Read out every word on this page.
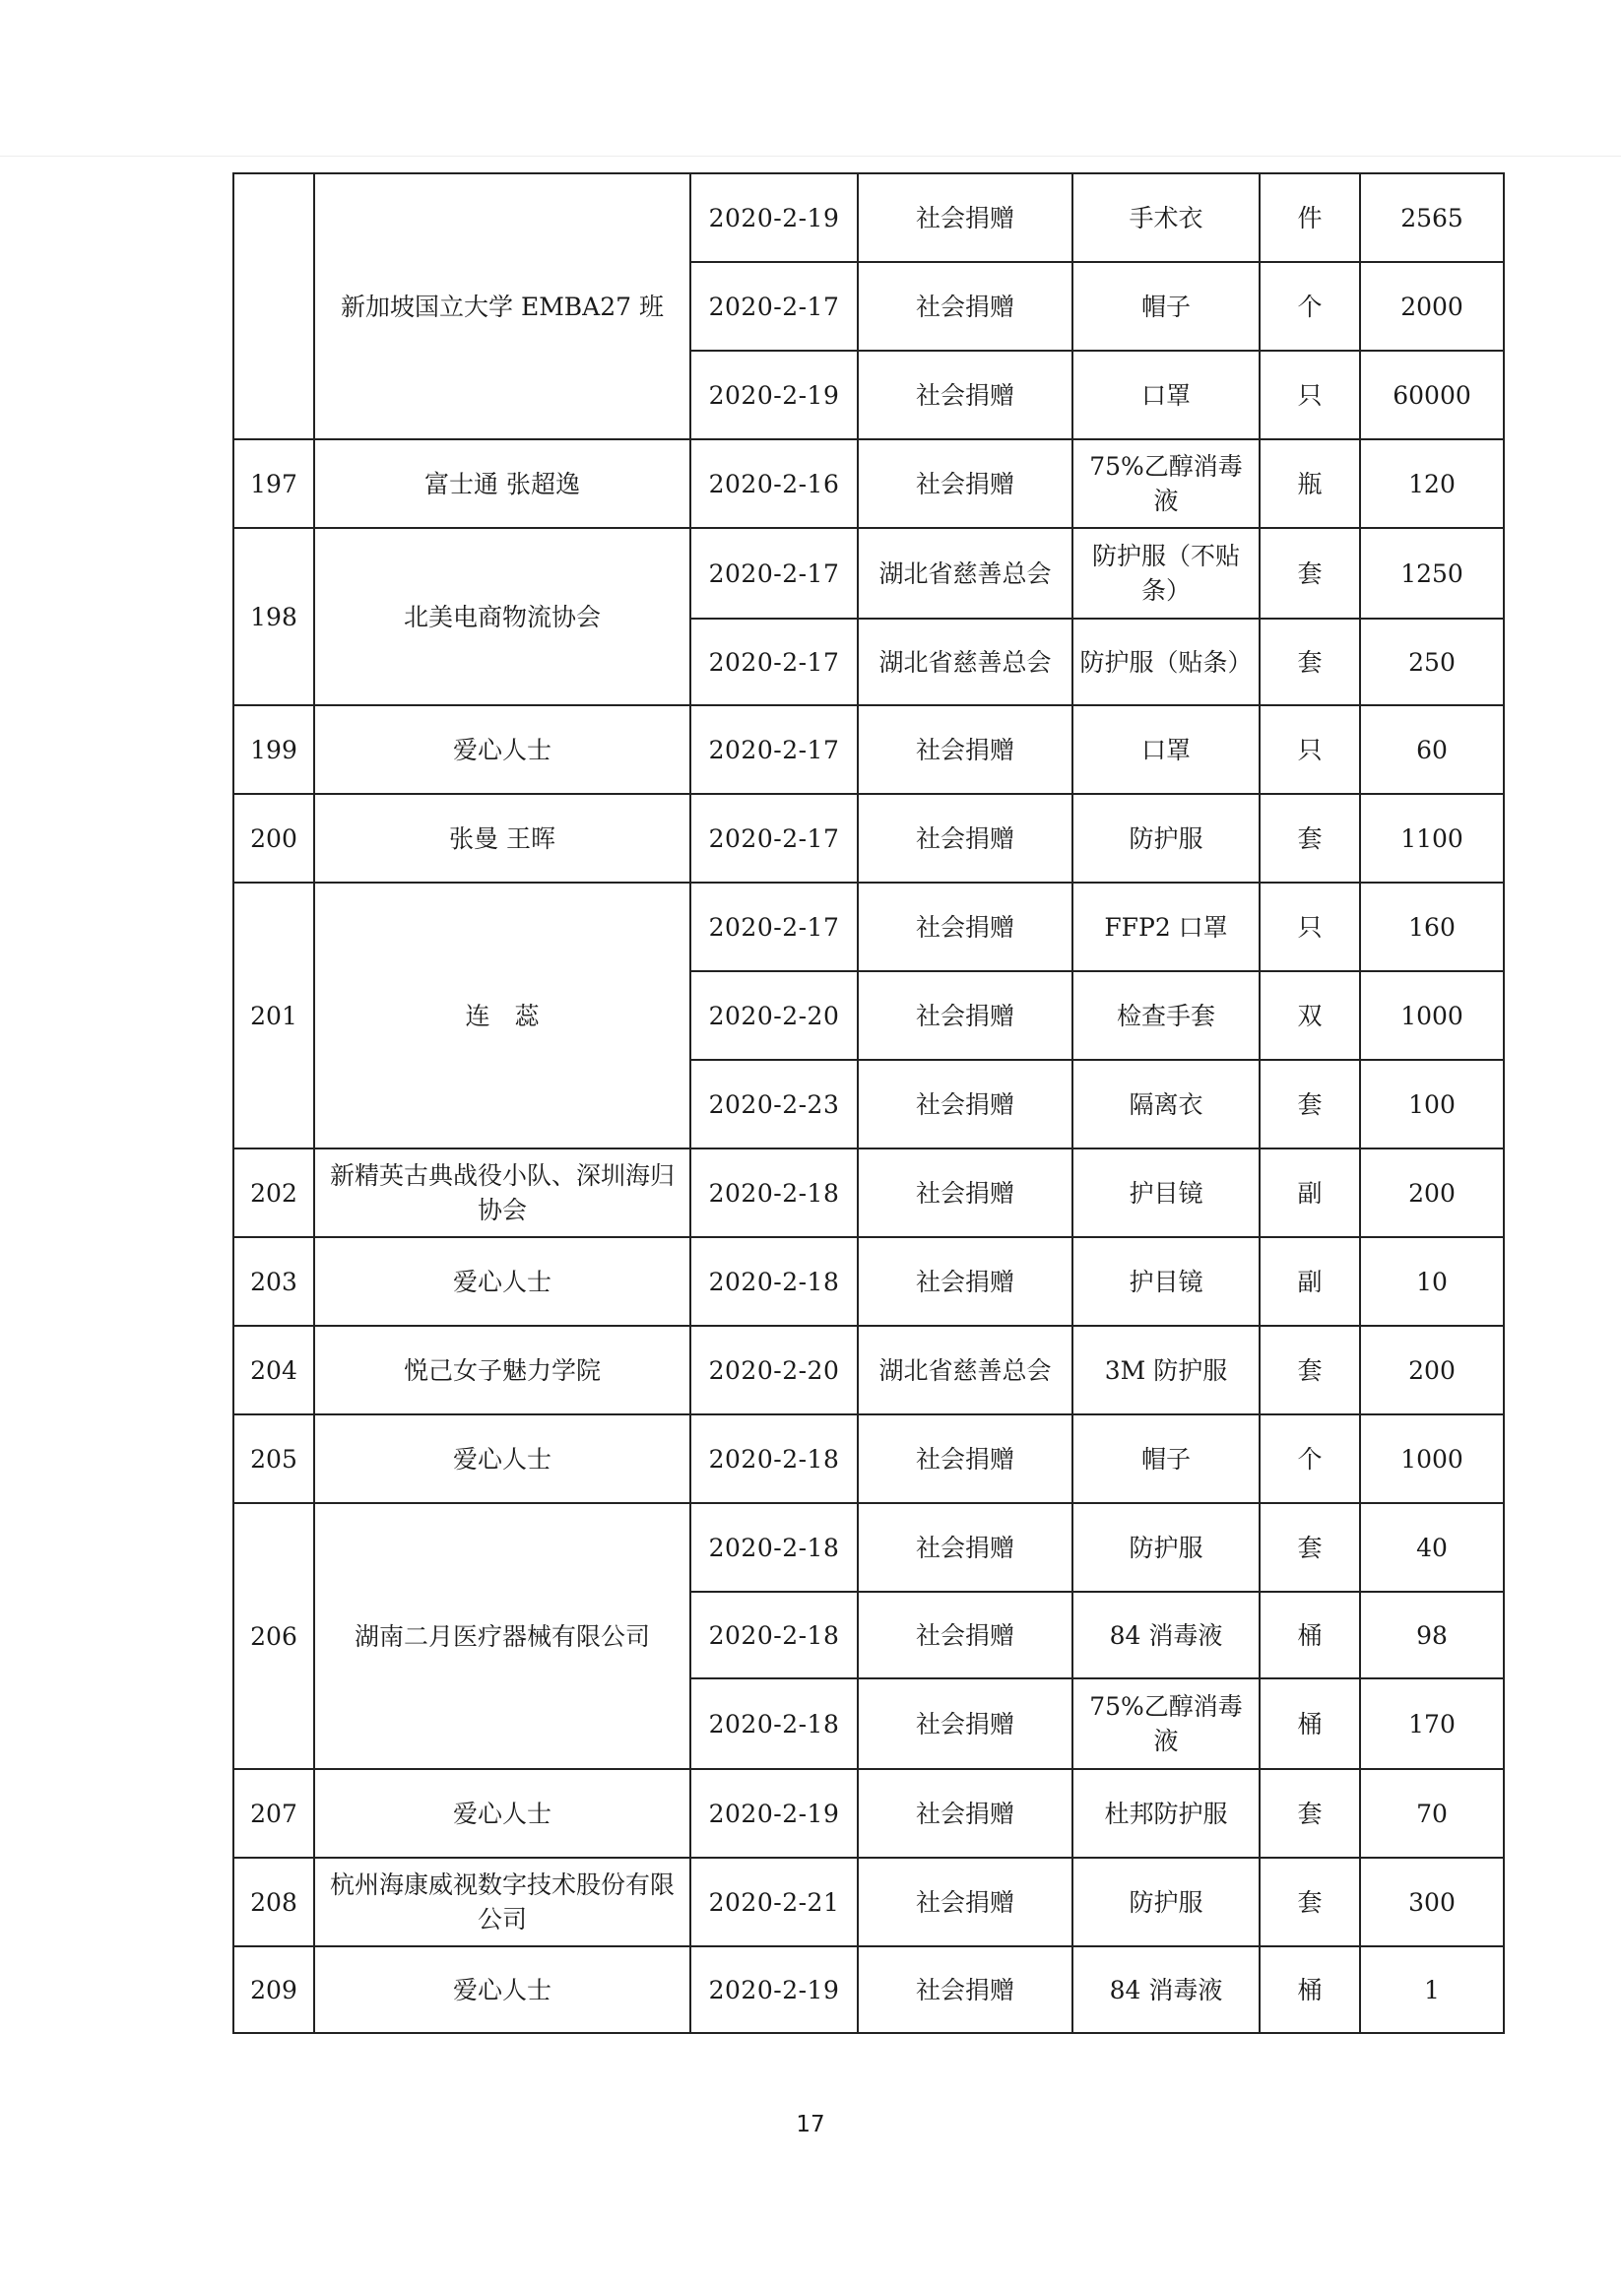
	新加坡国立大学 EMBA27 班	2020-2-19	社会捐赠	手术衣	件	2565
		2020-2-17	社会捐赠	帽子	个	2000
		2020-2-19	社会捐赠	口罩	只	60000
197	富士通 张超逸	2020-2-16	社会捐赠	75%乙醇消毒液	瓶	120
198	北美电商物流协会	2020-2-17	湖北省慈善总会	防护服（不贴条）	套	1250
		2020-2-17	湖北省慈善总会	防护服（贴条）	套	250
199	爱心人士	2020-2-17	社会捐赠	口罩	只	60
200	张曼 王晖	2020-2-17	社会捐赠	防护服	套	1100
201	连　蕊	2020-2-17	社会捐赠	FFP2 口罩	只	160
		2020-2-20	社会捐赠	检查手套	双	1000
		2020-2-23	社会捐赠	隔离衣	套	100
202	新精英古典战役小队、深圳海归协会	2020-2-18	社会捐赠	护目镜	副	200
203	爱心人士	2020-2-18	社会捐赠	护目镜	副	10
204	悦己女子魅力学院	2020-2-20	湖北省慈善总会	3M 防护服	套	200
205	爱心人士	2020-2-18	社会捐赠	帽子	个	1000
206	湖南二月医疗器械有限公司	2020-2-18	社会捐赠	防护服	套	40
		2020-2-18	社会捐赠	84 消毒液	桶	98
		2020-2-18	社会捐赠	75%乙醇消毒液	桶	170
207	爱心人士	2020-2-19	社会捐赠	杜邦防护服	套	70
208	杭州海康威视数字技术股份有限公司	2020-2-21	社会捐赠	防护服	套	300
209	爱心人士	2020-2-19	社会捐赠	84 消毒液	桶	1
17
